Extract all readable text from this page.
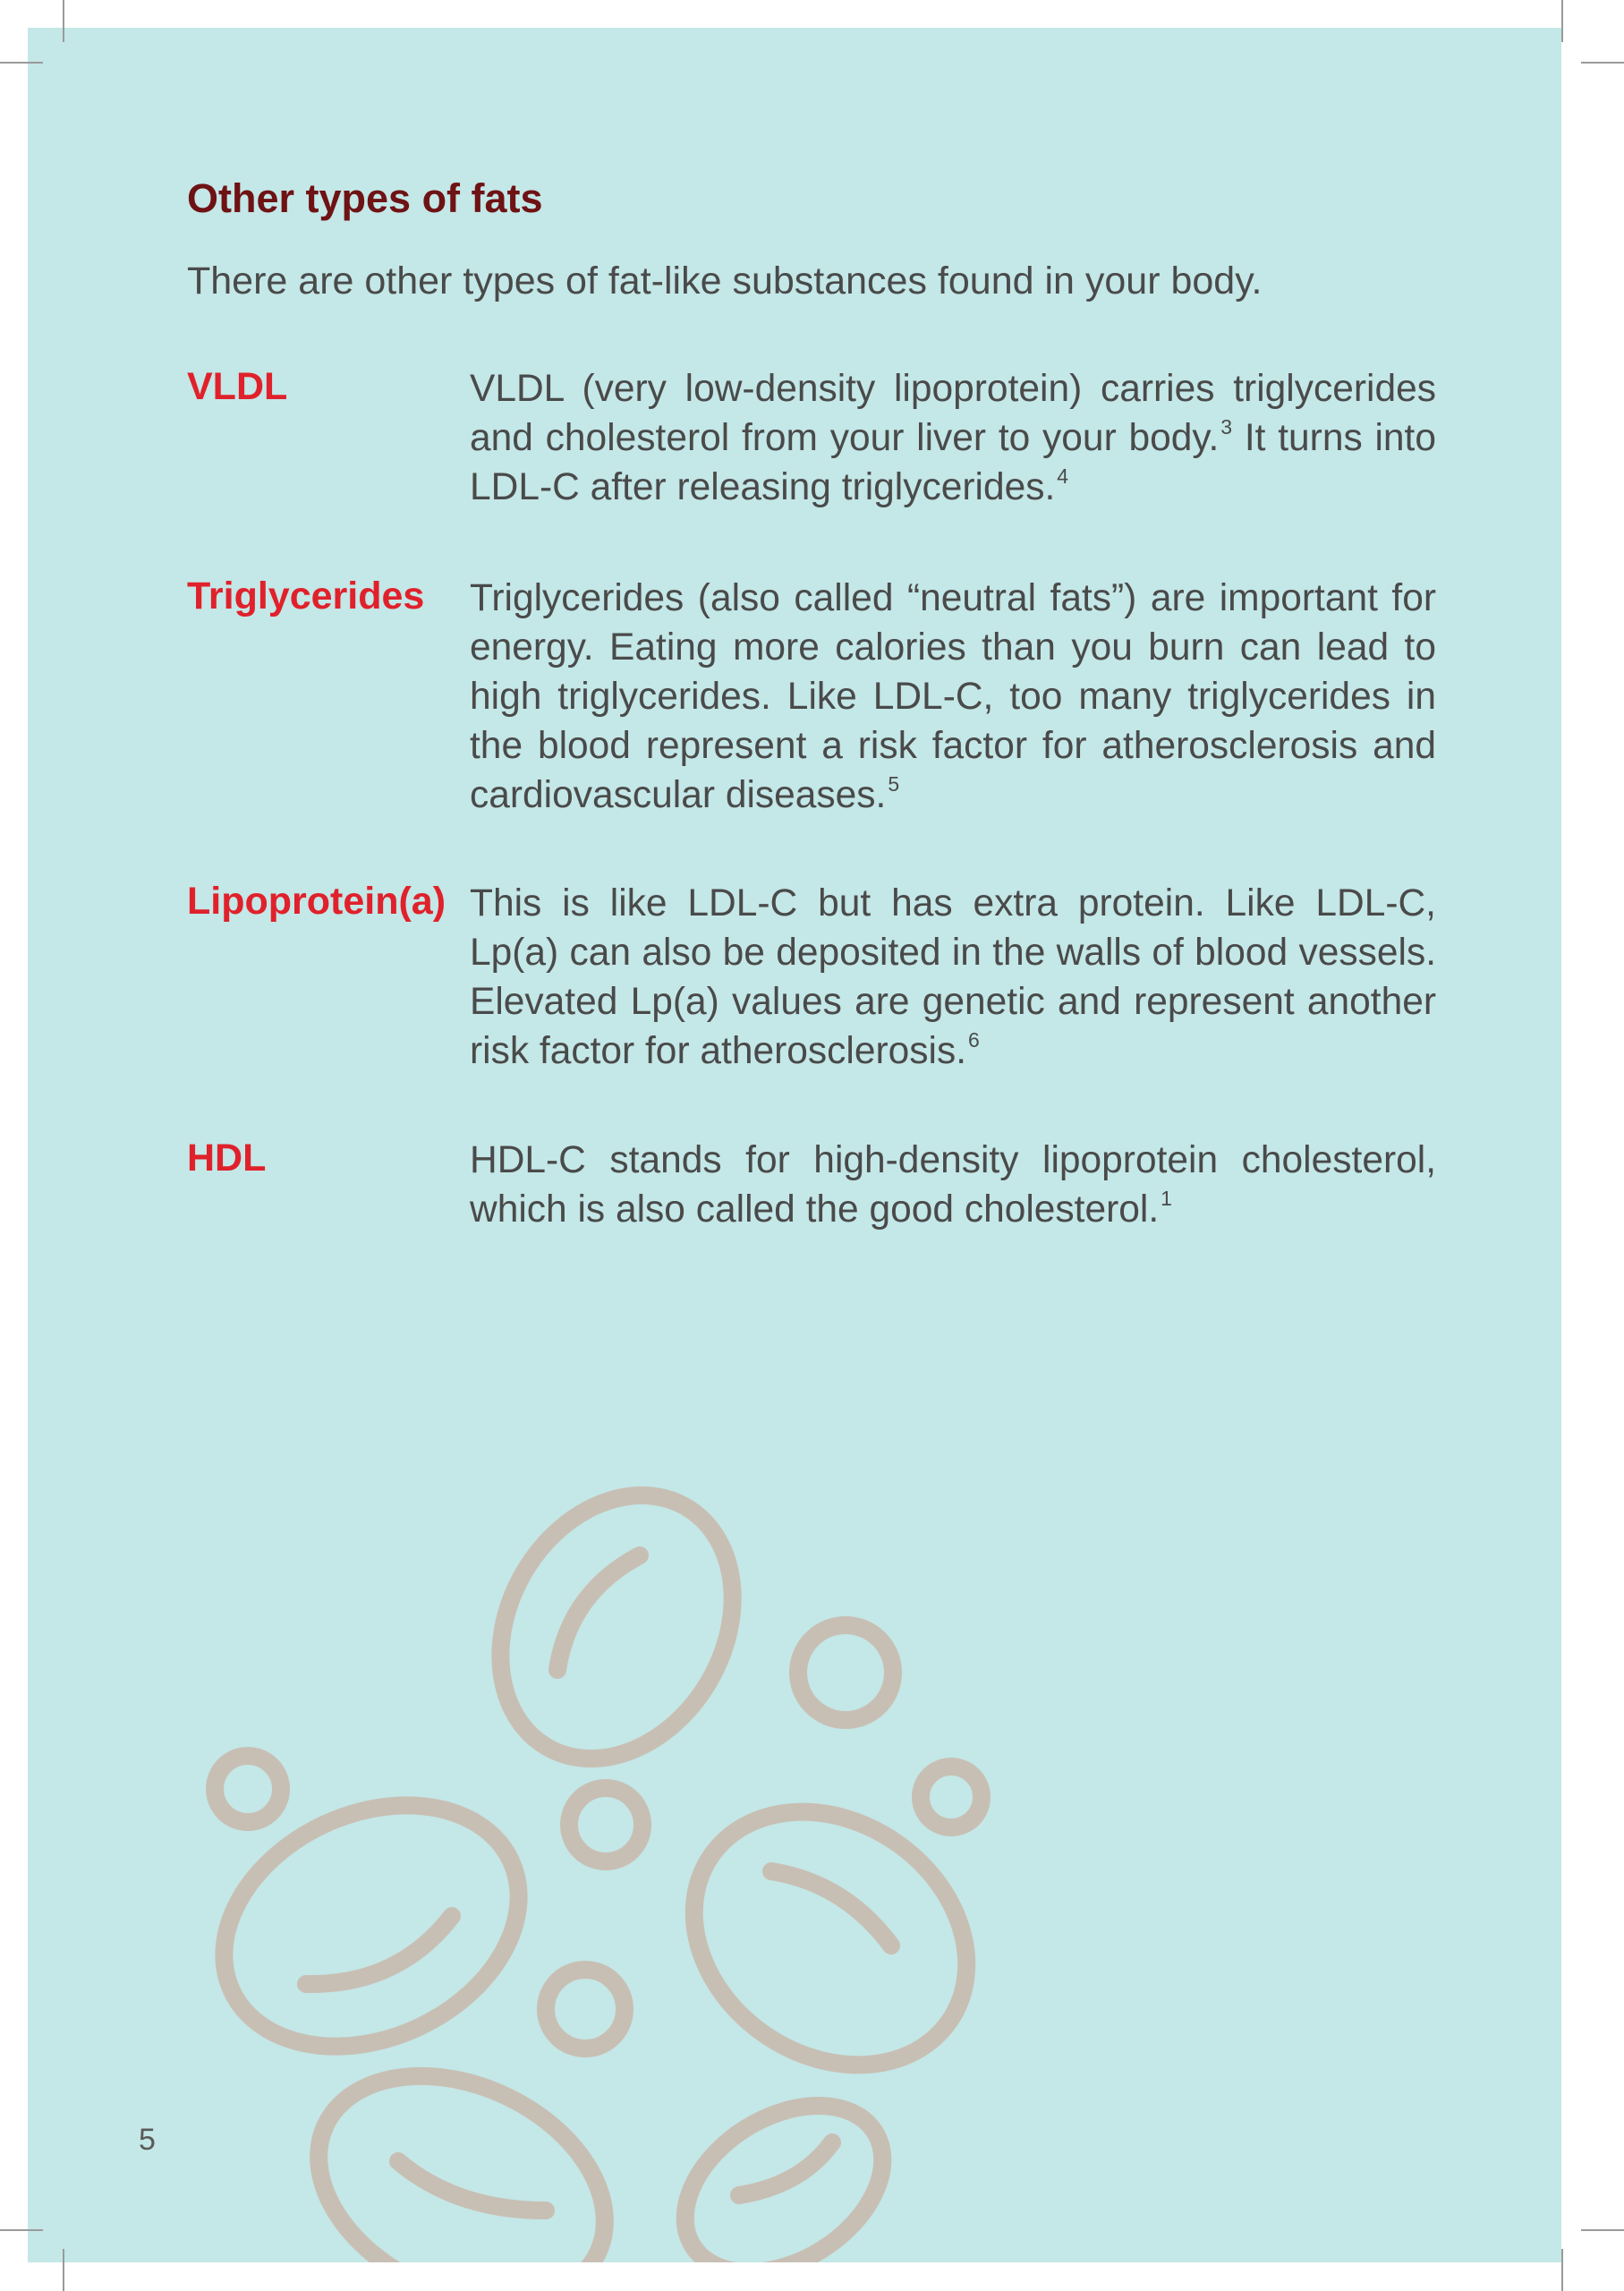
Other types of fats

There are other types of fat-like substances found in your body.

VLDL	VLDL (very low-density lipoprotein) carries triglycerides and cholesterol from your liver to your body.$^3$ It turns into LDL-C after releasing triglycerides.$^4$

Triglycerides Triglycerides (also called “neutral fats”) are important for energy. Eating more calories than you burn can lead to high triglycerides. Like LDL-C, too many triglycerides in the blood represent a risk factor for atherosclerosis and cardiovascular diseases.$^5$

Lipoprotein(a) This is like LDL-C but has extra protein. Like LDL-C, Lp(a) can also be deposited in the walls of blood vessels. Elevated Lp(a) values are genetic and represent another risk factor for atherosclerosis.$^6$

HDL	HDL-C stands for high-density lipoprotein cholesterol, which is also called the good cholesterol.$^1$

5
